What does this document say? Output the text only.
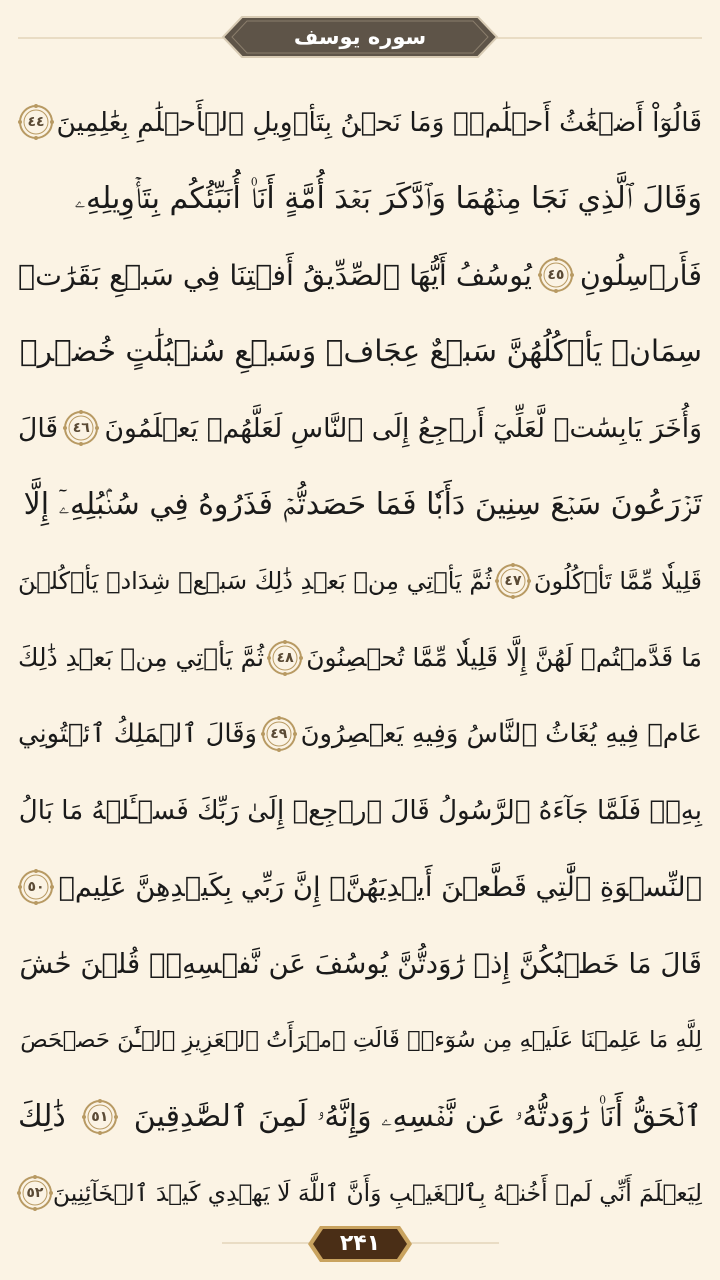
سوره یوسف
قَالُوٓاْ أَضۡغَٰثُ أَحۡلَٰمٖۖ وَمَا نَحۡنُ بِتَأۡوِيلِ ٱلۡأَحۡلَٰمِ بِعَٰلِمِينَ
٤٤
وَقَالَ ٱلَّذِي نَجَا مِنۡهُمَا وَٱدَّكَرَ بَعۡدَ أُمَّةٍ أَنَا۠ أُنَبِّئُكُم بِتَأۡوِيلِهِۦ
فَأَرۡسِلُونِ
٤٥
يُوسُفُ أَيُّهَا ٱلصِّدِّيقُ أَفۡتِنَا فِي سَبۡعِ بَقَرَٰتٖ
سِمَانٖ يَأۡكُلُهُنَّ سَبۡعٌ عِجَافٞ وَسَبۡعِ سُنۢبُلَٰتٍ خُضۡرٖ
وَأُخَرَ يَابِسَٰتٖ لَّعَلِّيٓ أَرۡجِعُ إِلَى ٱلنَّاسِ لَعَلَّهُمۡ يَعۡلَمُونَ
٤٦
قَالَ
تَزۡرَعُونَ سَبۡعَ سِنِينَ دَأَبٗا فَمَا حَصَدتُّمۡ فَذَرُوهُ فِي سُنۢبُلِهِۦٓ إِلَّا
قَلِيلٗا مِّمَّا تَأۡكُلُونَ
٤٧
ثُمَّ يَأۡتِي مِنۢ بَعۡدِ ذَٰلِكَ سَبۡعٞ شِدَادٞ يَأۡكُلۡنَ
مَا قَدَّمۡتُمۡ لَهُنَّ إِلَّا قَلِيلٗا مِّمَّا تُحۡصِنُونَ
٤٨
ثُمَّ يَأۡتِي مِنۢ بَعۡدِ ذَٰلِكَ
عَامٞ فِيهِ يُغَاثُ ٱلنَّاسُ وَفِيهِ يَعۡصِرُونَ
٤٩
وَقَالَ ٱلۡمَلِكُ ٱئۡتُونِي
بِهِۦۖ فَلَمَّا جَآءَهُ ٱلرَّسُولُ قَالَ ٱرۡجِعۡ إِلَىٰ رَبِّكَ فَسۡـَٔلۡهُ مَا بَالُ
ٱلنِّسۡوَةِ ٱلَّٰتِي قَطَّعۡنَ أَيۡدِيَهُنَّۚ إِنَّ رَبِّي بِكَيۡدِهِنَّ عَلِيمٞ
٥٠
قَالَ مَا خَطۡبُكُنَّ إِذۡ رَٰوَدتُّنَّ يُوسُفَ عَن نَّفۡسِهِۦۚ قُلۡنَ حَٰشَ
لِلَّهِ مَا عَلِمۡنَا عَلَيۡهِ مِن سُوٓءٖۚ قَالَتِ ٱمۡرَأَتُ ٱلۡعَزِيزِ ٱلۡـَٰٔنَ حَصۡحَصَ
ٱلۡحَقُّ أَنَا۠ رَٰوَدتُّهُۥ عَن نَّفۡسِهِۦ وَإِنَّهُۥ لَمِنَ ٱلصَّٰدِقِينَ
٥١
ذَٰلِكَ
لِيَعۡلَمَ أَنِّي لَمۡ أَخُنۡهُ بِٱلۡغَيۡبِ وَأَنَّ ٱللَّهَ لَا يَهۡدِي كَيۡدَ ٱلۡخَآئِنِينَ
٥٢
۲۴۱
